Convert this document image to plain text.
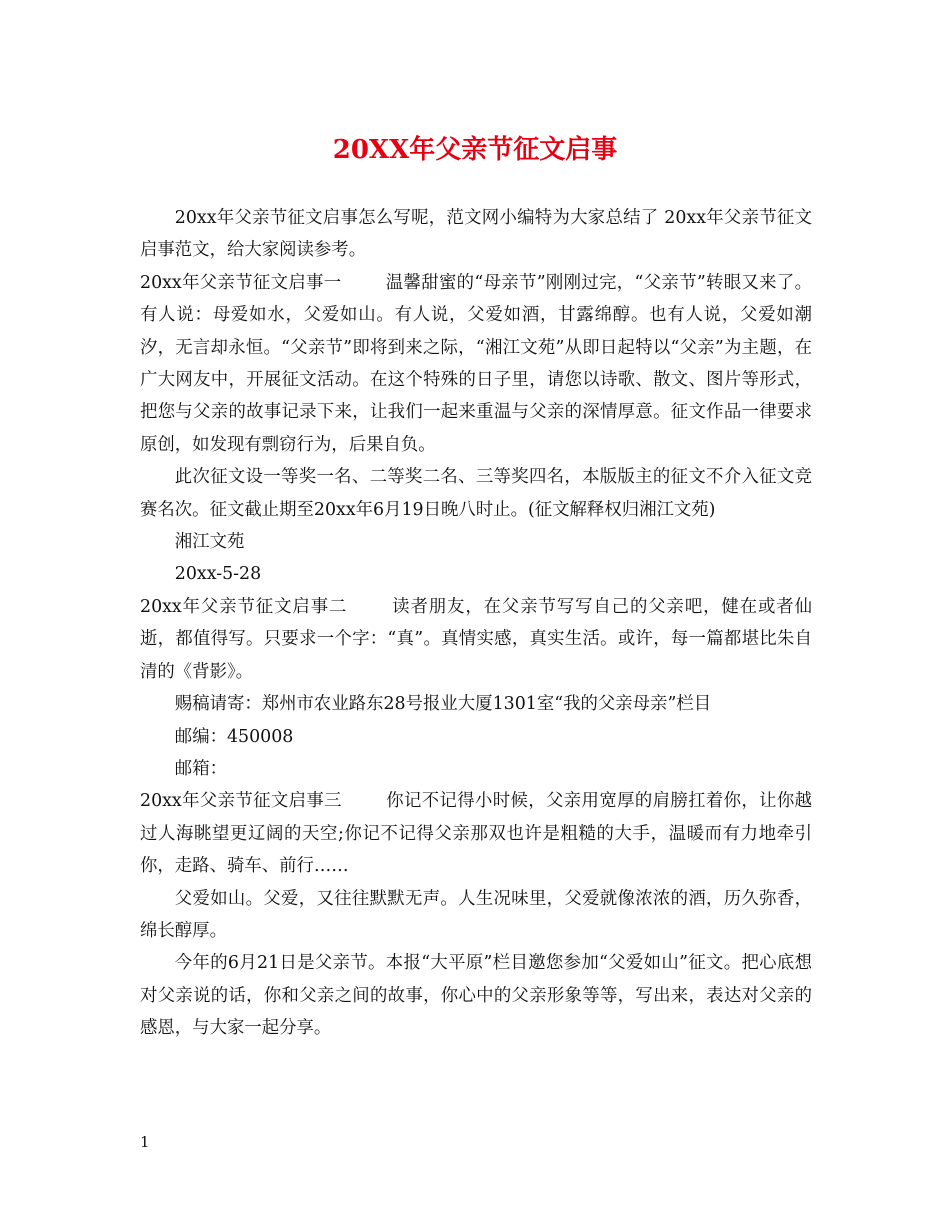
20XX年父亲节征文启事

20xx年父亲节征文启事怎么写呢，范文网小编特为大家总结了 20xx年父亲节征文启事范文，给大家阅读参考。

20xx年父亲节征文启事一	温馨甜蜜的“母亲节”刚刚过完，“父亲节”转眼又来了。有人说：母爱如水，父爱如山。有人说，父爱如酒，甘露绵醇。也有人说，父爱如潮汐，无言却永恒。“父亲节”即将到来之际，“湘江文苑”从即日起特以“父亲”为主题，在广大网友中，开展征文活动。在这个特殊的日子里，请您以诗歌、散文、图片等形式，把您与父亲的故事记录下来，让我们一起来重温与父亲的深情厚意。征文作品一律要求原创，如发现有剽窃行为，后果自负。

此次征文设一等奖一名、二等奖二名、三等奖四名，本版版主的征文不介入征文竞赛名次。征文截止期至20xx年6月19日晚八时止。(征文解释权归湘江文苑)

湘江文苑

20xx-5-28

20xx年父亲节征文启事二	读者朋友，在父亲节写写自己的父亲吧，健在或者仙逝，都值得写。只要求一个字：“真”。真情实感，真实生活。或许，每一篇都堪比朱自清的《背影》。

赐稿请寄：郑州市农业路东28号报业大厦1301室“我的父亲母亲”栏目

邮编：450008

邮箱：

20xx年父亲节征文启事三	你记不记得小时候，父亲用宽厚的肩膀扛着你，让你越过人海眺望更辽阔的天空;你记不记得父亲那双也许是粗糙的大手，温暖而有力地牵引你，走路、骑车、前行……

父爱如山。父爱，又往往默默无声。人生况味里，父爱就像浓浓的酒，历久弥香，绵长醇厚。

今年的6月21日是父亲节。本报“大平原”栏目邀您参加“父爱如山”征文。把心底想对父亲说的话，你和父亲之间的故事，你心中的父亲形象等等，写出来，表达对父亲的感恩，与大家一起分享。

1
